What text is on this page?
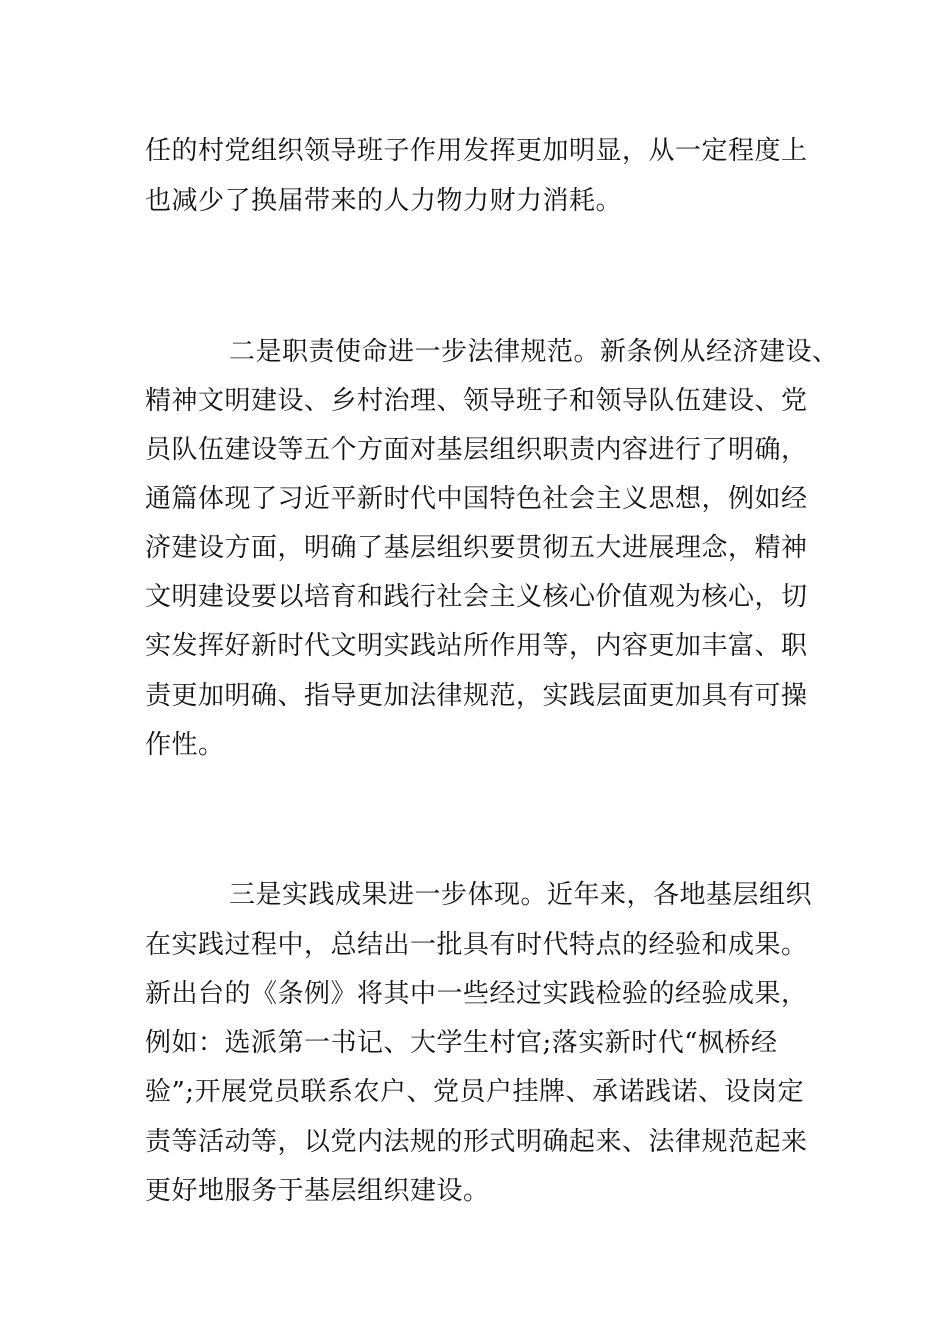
任的村党组织领导班子作用发挥更加明显，从一定程度上
也减少了换届带来的人力物力财力消耗。
二是职责使命进一步法律规范。新条例从经济建设、
精神文明建设、乡村治理、领导班子和领导队伍建设、党
员队伍建设等五个方面对基层组织职责内容进行了明确，
通篇体现了习近平新时代中国特色社会主义思想，例如经
济建设方面，明确了基层组织要贯彻五大进展理念，精神
文明建设要以培育和践行社会主义核心价值观为核心，切
实发挥好新时代文明实践站所作用等，内容更加丰富、职
责更加明确、指导更加法律规范，实践层面更加具有可操
作性。
三是实践成果进一步体现。近年来，各地基层组织
在实践过程中，总结出一批具有时代特点的经验和成果。
新出台的《条例》将其中一些经过实践检验的经验成果，
例如：选派第一书记、大学生村官;落实新时代“枫桥经
验”;开展党员联系农户、党员户挂牌、承诺践诺、设岗定
责等活动等，以党内法规的形式明确起来、法律规范起来
更好地服务于基层组织建设。
